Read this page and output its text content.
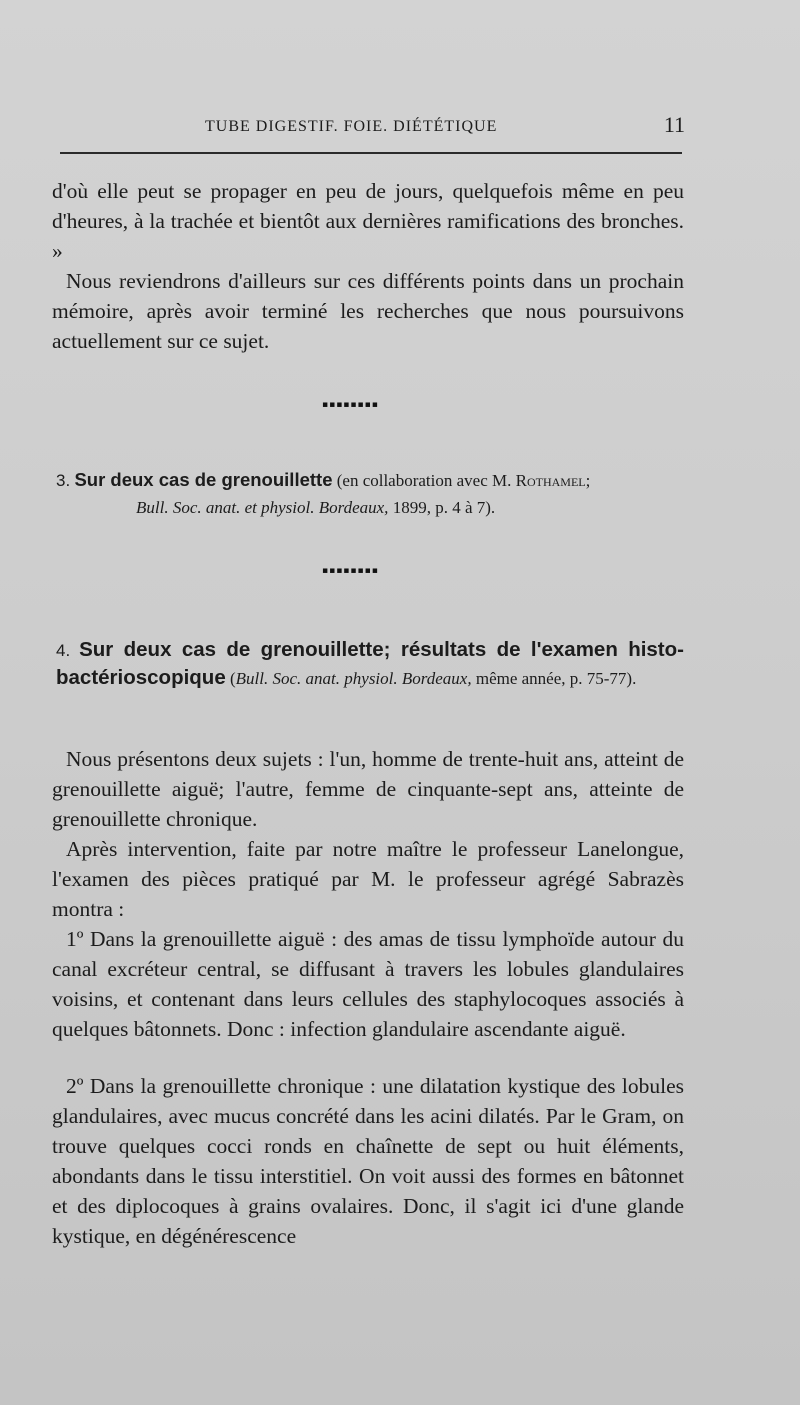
TUBE DIGESTIF. FOIE. DIÉTÉTIQUE	11

d'où elle peut se propager en peu de jours, quelquefois même en peu d'heures, à la trachée et bientôt aux dernières ramifications des bronches. »

Nous reviendrons d'ailleurs sur ces différents points dans un prochain mémoire, après avoir terminé les recherches que nous poursuivons actuellement sur ce sujet.

▪▪▪▪▪▪▪▪

3. Sur deux cas de grenouillette (en collaboration avec M. Rothamel;
Bull. Soc. anat. et physiol. Bordeaux, 1899, p. 4 à 7).

▪▪▪▪▪▪▪▪

4. Sur deux cas de grenouillette; résultats de l'examen histo-bactérioscopique (Bull. Soc. anat. physiol. Bordeaux, même année, p. 75-77).

Nous présentons deux sujets : l'un, homme de trente-huit ans, atteint de grenouillette aiguë; l'autre, femme de cinquante-sept ans, atteinte de grenouillette chronique.

Après intervention, faite par notre maître le professeur Lanelongue, l'examen des pièces pratiqué par M. le professeur agrégé Sabrazès montra :

1º Dans la grenouillette aiguë : des amas de tissu lymphoïde autour du canal excréteur central, se diffusant à travers les lobules glandulaires voisins, et contenant dans leurs cellules des staphylocoques associés à quelques bâtonnets. Donc : infection glandulaire ascendante aiguë.

2º Dans la grenouillette chronique : une dilatation kystique des lobules glandulaires, avec mucus concrété dans les acini dilatés. Par le Gram, on trouve quelques cocci ronds en chaînette de sept ou huit éléments, abondants dans le tissu interstitiel. On voit aussi des formes en bâtonnet et des diplocoques à grains ovalaires. Donc, il s'agit ici d'une glande kystique, en dégénérescence
